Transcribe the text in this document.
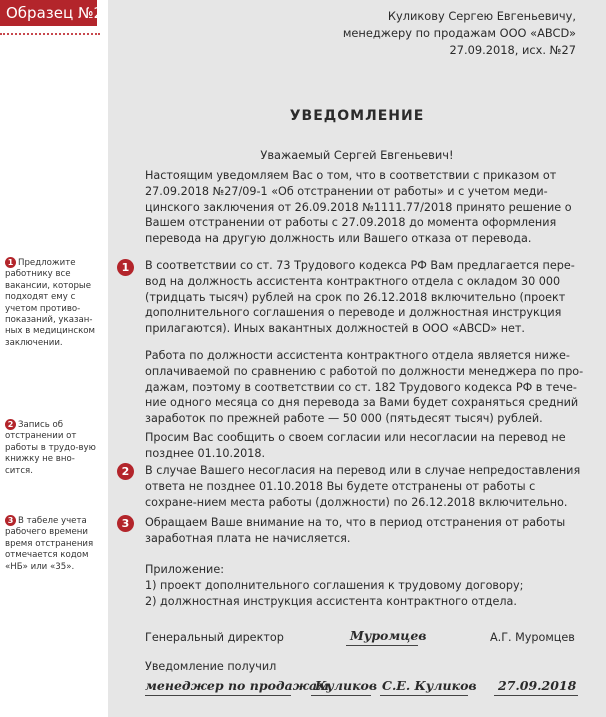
Образец №2
1 Предложите работнику все вакансии, которые подходят ему с учетом противо-показаний, указан-ных в медицинском заключении.
2 Запись об отстранении от работы в трудо-вую книжку не вно-сится.
3 В табеле учета рабочего времени время отстранения отмечается кодом «НБ» или «35».
Куликову Сергею Евгеньевичу,
менеджеру по продажам ООО «ABCD»
27.09.2018, исх. №27
УВЕДОМЛЕНИЕ
Уважаемый Сергей Евгеньевич!
Настоящим уведомляем Вас о том, что в соответствии с приказом от 27.09.2018 №27/09-1 «Об отстранении от работы» и с учетом меди-цинского заключения от 26.09.2018 №1111.77/2018 принято решение о Вашем отстранении от работы с 27.09.2018 до момента оформления перевода на другую должность или Вашего отказа от перевода.
1	В соответствии со ст. 73 Трудового кодекса РФ Вам предлагается пере-вод на должность ассистента контрактного отдела с окладом 30 000 (тридцать тысяч) рублей на срок по 26.12.2018 включительно (проект дополнительного соглашения о переводе и должностная инструкция прилагаются). Иных вакантных должностей в ООО «ABCD» нет.
Работа по должности ассистента контрактного отдела является ниже-оплачиваемой по сравнению с работой по должности менеджера по про-дажам, поэтому в соответствии со ст. 182 Трудового кодекса РФ в тече-ние одного месяца со дня перевода за Вами будет сохраняться средний заработок по прежней работе — 50 000 (пятьдесят тысяч) рублей.
Просим Вас сообщить о своем согласии или несогласии на перевод не позднее 01.10.2018.
2	В случае Вашего несогласия на перевод или в случае непредоставления ответа не позднее 01.10.2018 Вы будете отстранены от работы с сохране-нием места работы (должности) по 26.12.2018 включительно.
3	Обращаем Ваше внимание на то, что в период отстранения от работы заработная плата не начисляется.
Приложение:
1) проект дополнительного соглашения к трудовому договору;
2) должностная инструкция ассистента контрактного отдела.
Генеральный директор	Муромцев	А.Г. Муромцев
Уведомление получил
менеджер по продажам
Куликов С.Е. Куликов 27.09.2018
